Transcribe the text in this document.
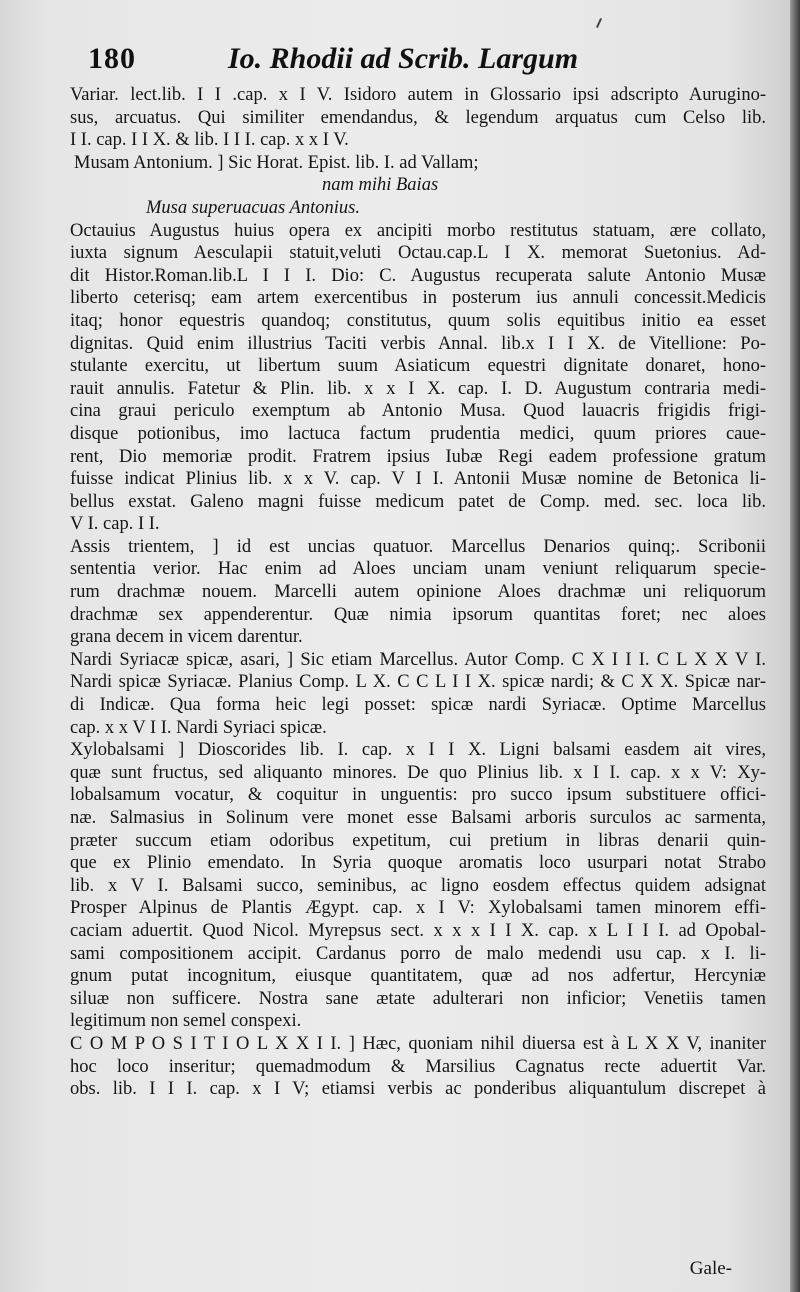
180	Io. Rhodii ad Scrib. Largum
Variar. lect.lib. I I .cap. x I V. Isidoro autem in Glossario ipsi adscripto Aurugino-
sus, arcuatus. Qui similiter emendandus, & legendum arquatus cum Celso lib.
I I. cap. I I X. & lib. I I I. cap. x x I V.
Musam Antonium. ] Sic Horat. Epist. lib. I. ad Vallam;
nam mihi Baias
Musa superuacuas Antonius.
Octauius Augustus huius opera ex ancipiti morbo restitutus statuam, ære collato,
iuxta signum Aesculapii statuit,veluti Octau.cap.L I X. memorat Suetonius. Ad-
dit Histor.Roman.lib.L I I I. Dio: C. Augustus recuperata salute Antonio Musæ
liberto ceterisq; eam artem exercentibus in posterum ius annuli concessit.Medicis
itaq; honor equestris quandoq; constitutus, quum solis equitibus initio ea esset
dignitas. Quid enim illustrius Taciti verbis Annal. lib.x I I X. de Vitellione: Po-
stulante exercitu, ut libertum suum Asiaticum equestri dignitate donaret, hono-
rauit annulis. Fatetur & Plin. lib. x x I X. cap. I. D. Augustum contraria medi-
cina graui periculo exemptum ab Antonio Musa. Quod lauacris frigidis frigi-
disque potionibus, imo lactuca factum prudentia medici, quum priores caue-
rent, Dio memoriæ prodit. Fratrem ipsius Iubæ Regi eadem professione gratum
fuisse indicat Plinius lib. x x V. cap. V I I. Antonii Musæ nomine de Betonica li-
bellus exstat. Galeno magni fuisse medicum patet de Comp. med. sec. loca lib.
V I. cap. I I.
Assis trientem, ] id est uncias quatuor. Marcellus Denarios quinq;. Scribonii
sententia verior. Hac enim ad Aloes unciam unam veniunt reliquarum specie-
rum drachmæ nouem. Marcelli autem opinione Aloes drachmæ uni reliquorum
drachmæ sex appenderentur. Quæ nimia ipsorum quantitas foret; nec aloes
grana decem in vicem darentur.
Nardi Syriacæ spicæ, asari, ] Sic etiam Marcellus. Autor Comp. C X I I I. C L X X V I.
Nardi spicæ Syriacæ. Planius Comp. L X. C C L I I X. spicæ nardi; & C X X. Spicæ nar-
di Indicæ. Qua forma heic legi posset: spicæ nardi Syriacæ. Optime Marcellus
cap. x x V I I. Nardi Syriaci spicæ.
Xylobalsami ] Dioscorides lib. I. cap. x I I X. Ligni balsami easdem ait vires,
quæ sunt fructus, sed aliquanto minores. De quo Plinius lib. x I I. cap. x x V: Xy-
lobalsamum vocatur, & coquitur in unguentis: pro succo ipsum substituere offici-
næ. Salmasius in Solinum vere monet esse Balsami arboris surculos ac sarmenta,
præter succum etiam odoribus expetitum, cui pretium in libras denarii quin-
que ex Plinio emendato. In Syria quoque aromatis loco usurpari notat Strabo
lib. x V I. Balsami succo, seminibus, ac ligno eosdem effectus quidem adsignat
Prosper Alpinus de Plantis Ægypt. cap. x I V: Xylobalsami tamen minorem effi-
caciam aduertit. Quod Nicol. Myrepsus sect. x x x I I X. cap. x L I I I. ad Opobal-
sami compositionem accipit. Cardanus porro de malo medendi usu cap. x I. li-
gnum putat incognitum, eiusque quantitatem, quæ ad nos adfertur, Hercyniæ
siluæ non sufficere. Nostra sane ætate adulterari non inficior; Venetiis tamen
legitimum non semel conspexi.
C O M P O S I T I O L X X I I. ] Hæc, quoniam nihil diuersa est à L X X V, inaniter
hoc loco inseritur; quemadmodum & Marsilius Cagnatus recte aduertit Var.
obs. lib. I I I. cap. x I V; etiamsi verbis ac ponderibus aliquantulum discrepet à
Gale-
